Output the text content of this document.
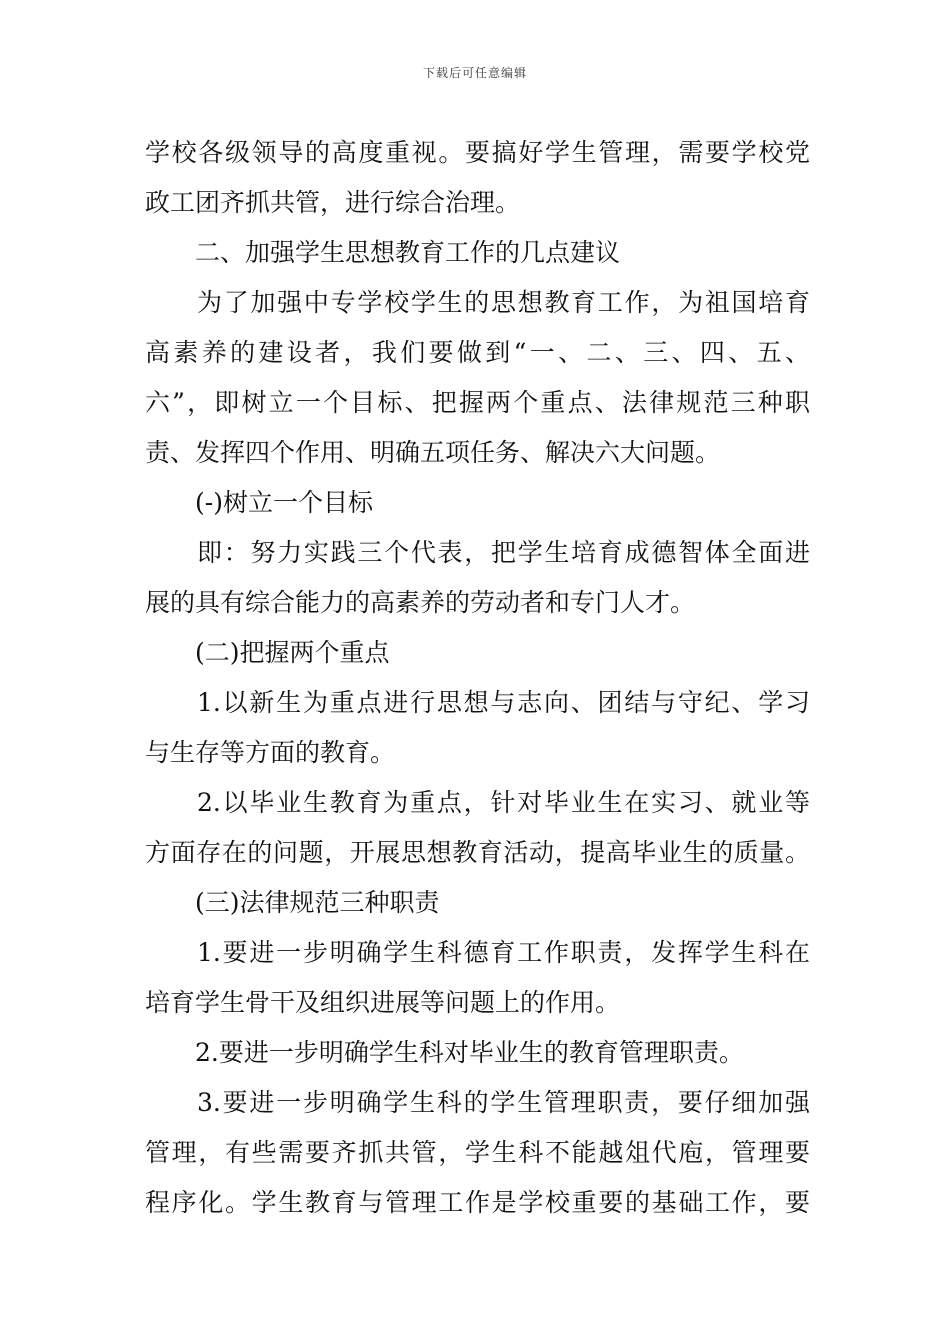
下载后可任意编辑
学校各级领导的高度重视。要搞好学生管理，需要学校党
政工团齐抓共管，进行综合治理。
二、加强学生思想教育工作的几点建议
为了加强中专学校学生的思想教育工作，为祖国培育
高素养的建设者，我们要做到“一、二、三、四、五、
六”，即树立一个目标、把握两个重点、法律规范三种职
责、发挥四个作用、明确五项任务、解决六大问题。
(-)树立一个目标
即：努力实践三个代表，把学生培育成德智体全面进
展的具有综合能力的高素养的劳动者和专门人才。
(二)把握两个重点
1.以新生为重点进行思想与志向、团结与守纪、学习
与生存等方面的教育。
2.以毕业生教育为重点，针对毕业生在实习、就业等
方面存在的问题，开展思想教育活动，提高毕业生的质量。
(三)法律规范三种职责
1.要进一步明确学生科德育工作职责，发挥学生科在
培育学生骨干及组织进展等问题上的作用。
2.要进一步明确学生科对毕业生的教育管理职责。
3.要进一步明确学生科的学生管理职责，要仔细加强
管理，有些需要齐抓共管，学生科不能越俎代庖，管理要
程序化。学生教育与管理工作是学校重要的基础工作，要
